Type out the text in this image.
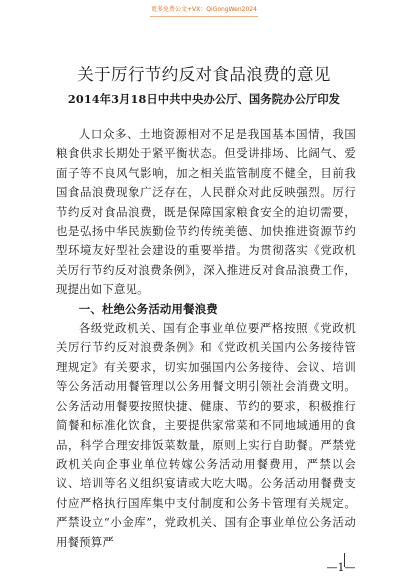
更多免费公文+VX：QiGongWen2024
关于厉行节约反对食品浪费的意见
2014年3月18日中共中央办公厅、国务院办公厅印发

人口众多、土地资源相对不足是我国基本国情，我国粮食供求长期处于紧平衡状态。但受讲排场、比阔气、爱面子等不良风气影响，加之相关监管制度不健全，目前我国食品浪费现象广泛存在，人民群众对此反映强烈。厉行节约反对食品浪费，既是保障国家粮食安全的迫切需要，也是弘扬中华民族勤俭节约传统美德、加快推进资源节约型环境友好型社会建设的重要举措。为贯彻落实《党政机关厉行节约反对浪费条例》，深入推进反对食品浪费工作，现提出如下意见。

一、杜绝公务活动用餐浪费

各级党政机关、国有企事业单位要严格按照《党政机关厉行节约反对浪费条例》和《党政机关国内公务接待管理规定》有关要求，切实加强国内公务接待、会议、培训等公务活动用餐管理以公务用餐文明引领社会消费文明。公务活动用餐要按照快捷、健康、节约的要求，积极推行简餐和标准化饮食，主要提供家常菜和不同地域通用的食品，科学合理安排饭菜数量，原则上实行自助餐。严禁党政机关向企事业单位转嫁公务活动用餐费用，严禁以会议、培训等名义组织宴请或大吃大喝。公务活动用餐费支付应严格执行国库集中支付制度和公务卡管理有关规定。严禁设立“小金库”，党政机关、国有企事业单位公务活动用餐预算严

—1—
